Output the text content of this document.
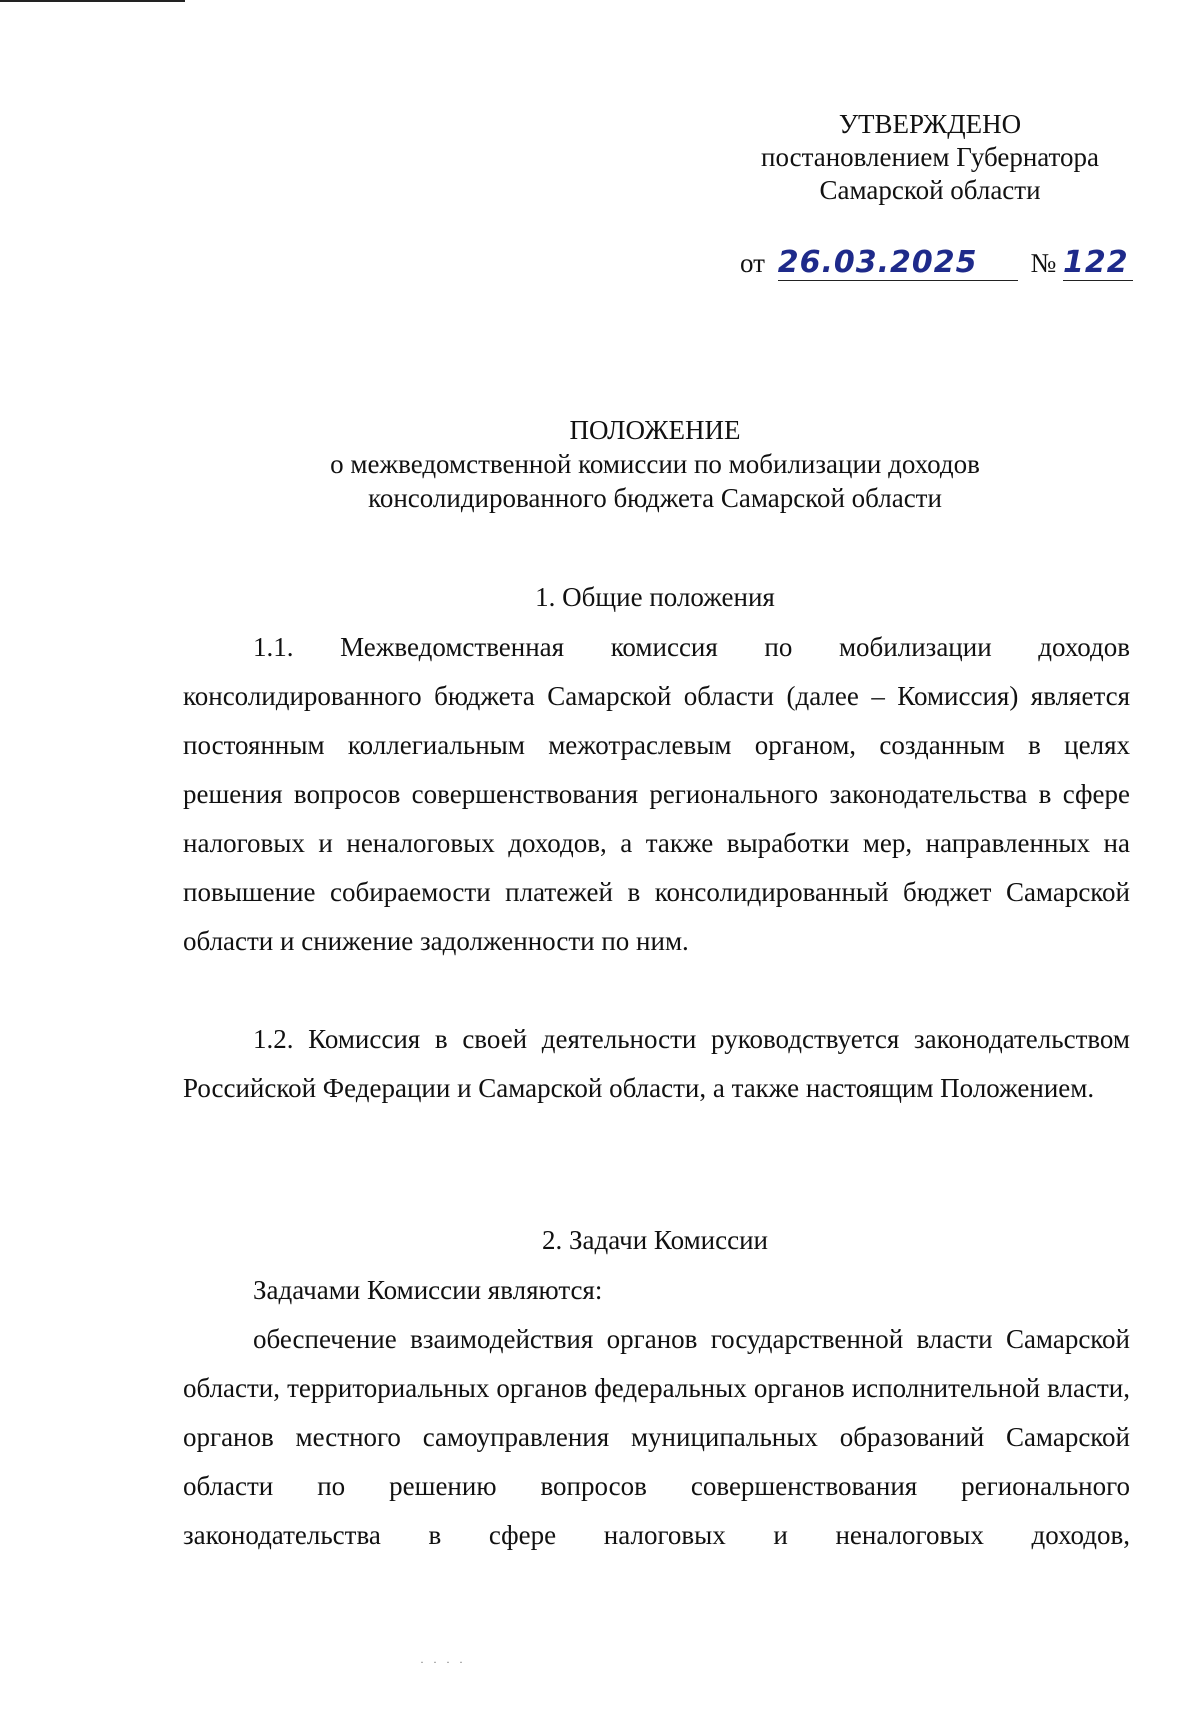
УТВЕРЖДЕНО
постановлением Губернатора
Самарской области
от 26.03.2025 № 122
ПОЛОЖЕНИЕ
о межведомственной комиссии по мобилизации доходов
консолидированного бюджета Самарской области
1. Общие положения

1.1. Межведомственная комиссия по мобилизации доходов консолидированного бюджета Самарской области (далее – Комиссия) является постоянным коллегиальным межотраслевым органом, созданным в целях решения вопросов совершенствования регионального законодательства в сфере налоговых и неналоговых доходов, а также выработки мер, направленных на повышение собираемости платежей в консолидированный бюджет Самарской области и снижение задолженности по ним.

1.2. Комиссия в своей деятельности руководствуется законодательством Российской Федерации и Самарской области, а также настоящим Положением.

2. Задачи Комиссии

Задачами Комиссии являются:

обеспечение взаимодействия органов государственной власти Самарской области, территориальных органов федеральных органов исполнительной власти, органов местного самоуправления муниципальных образований Самарской области по решению вопросов совершенствования регионального законодательства в сфере налоговых и неналоговых доходов,

· · · ·
